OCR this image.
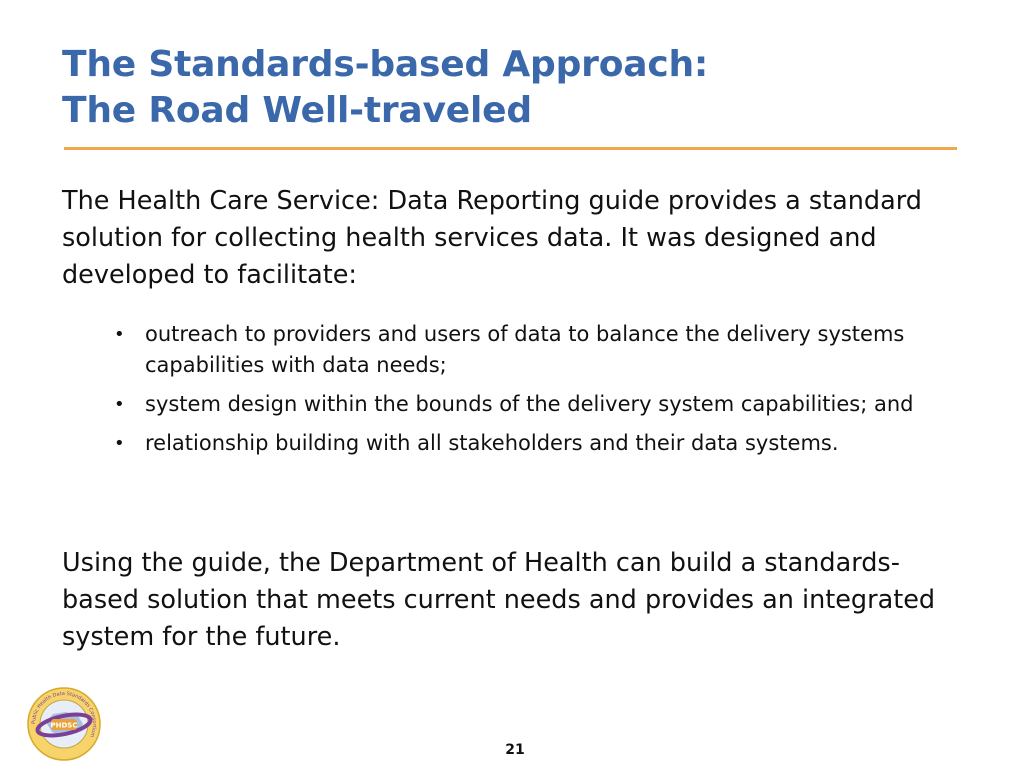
The Standards-based Approach:
The Road Well-traveled

The Health Care Service: Data Reporting guide provides a standard solution for collecting health services data. It was designed and developed to facilitate:

• outreach to providers and users of data to balance the delivery systems capabilities with data needs;
• system design within the bounds of the delivery system capabilities; and
• relationship building with all stakeholders and their data systems.

Using the guide, the Department of Health can build a standards-based solution that meets current needs and provides an integrated system for the future.

PHDSC
Public Health Data Standards Consortium
21
